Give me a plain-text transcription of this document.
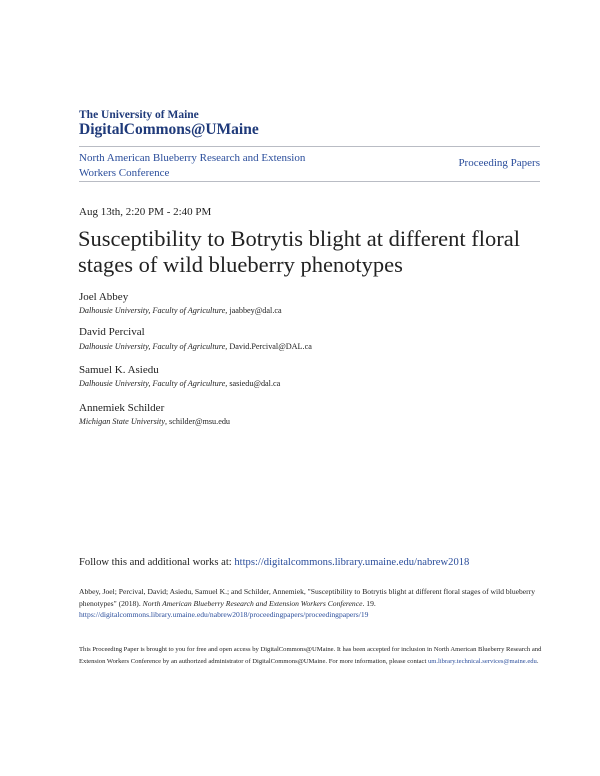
The University of Maine
DigitalCommons@UMaine
North American Blueberry Research and Extension
Workers Conference
Proceeding Papers
Aug 13th, 2:20 PM - 2:40 PM
Susceptibility to Botrytis blight at different floral stages of wild blueberry phenotypes
Joel Abbey
Dalhousie University, Faculty of Agriculture, jaabbey@dal.ca
David Percival
Dalhousie University, Faculty of Agriculture, David.Percival@DAL.ca
Samuel K. Asiedu
Dalhousie University, Faculty of Agriculture, sasiedu@dal.ca
Annemiek Schilder
Michigan State University, schilder@msu.edu
Follow this and additional works at: https://digitalcommons.library.umaine.edu/nabrew2018
Abbey, Joel; Percival, David; Asiedu, Samuel K.; and Schilder, Annemiek, "Susceptibility to Botrytis blight at different floral stages of wild blueberry phenotypes" (2018). North American Blueberry Research and Extension Workers Conference. 19.
https://digitalcommons.library.umaine.edu/nabrew2018/proceedingpapers/proceedingpapers/19
This Proceeding Paper is brought to you for free and open access by DigitalCommons@UMaine. It has been accepted for inclusion in North American Blueberry Research and Extension Workers Conference by an authorized administrator of DigitalCommons@UMaine. For more information, please contact um.library.technical.services@maine.edu.
